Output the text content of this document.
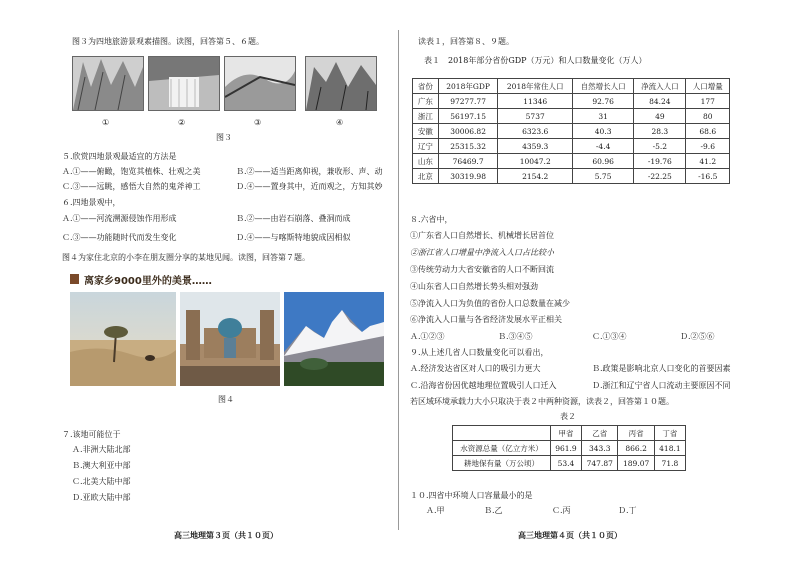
图３为四地旅游景观素描图。读图，回答第５、６题。
①	②	③	④
图３
５.欣赏四地景观最适宜的方法是
Ａ.①——俯瞰，饱览其植株、壮观之美	Ｂ.②——适当距离仰视，兼收形、声、动
Ｃ.③——远眺，感悟大自然的鬼斧神工	Ｄ.④——置身其中，近而观之，方知其妙
６.四地景观中，
Ａ.①——河流溯源侵蚀作用形成	Ｂ.②——由岩石崩落、叠洞而成
Ｃ.③——功能随时代而发生变化	Ｄ.④——与喀斯特地貌成因相似
图４为家住北京的小李在朋友圈分享的某地见闻。读图，回答第７题。
离家乡9000里外的美景……
图４
７.该地可能位于
Ａ.非洲大陆北部
Ｂ.澳大利亚中部
Ｃ.北美大陆中部
Ｄ.亚欧大陆中部
高三地理第３页（共１０页）
读表１，回答第８、９题。
表１　2018年部分省份GDP（万元）和人口数量变化（万人）
省份	2018年GDP	2018年常住人口	自然增长人口	净流入人口	人口增量
广东	97277.77	11346	92.76	84.24	177
浙江	56197.15	5737	31	49	80
安徽	30006.82	6323.6	40.3	28.3	68.6
辽宁	25315.32	4359.3	-4.4	-5.2	-9.6
山东	76469.7	10047.2	60.96	-19.76	41.2
北京	30319.98	2154.2	5.75	-22.25	-16.5
８.六省中，
①广东省人口自然增长、机械增长居首位
②浙江省人口增量中净流入人口占比较小
③传统劳动力大省安徽省的人口不断回流
④山东省人口自然增长势头相对强劲
⑤净流入人口为负值的省份人口总数量在减少
⑥净流入人口量与各省经济发展水平正相关
Ａ.①②③	Ｂ.③④⑤	Ｃ.①③④	Ｄ.②⑤⑥
９.从上述几省人口数量变化可以看出，
Ａ.经济发达省区对人口的吸引力更大	Ｂ.政策是影响北京人口变化的首要因素
Ｃ.沿海省份因优越地理位置吸引人口迁入	Ｄ.浙江和辽宁省人口流动主要原因不同
若区域环境承载力大小只取决于表２中两种资源，读表２，回答第１０题。
表２
	甲省	乙省	丙省	丁省
水资源总量（亿立方米）	961.9	343.3	866.2	418.1
耕地保有量（万公顷）	53.4	747.87	189.07	71.8
１０.四省中环境人口容量最小的是
Ａ.甲	Ｂ.乙	Ｃ.丙	Ｄ.丁
高三地理第４页（共１０页）
